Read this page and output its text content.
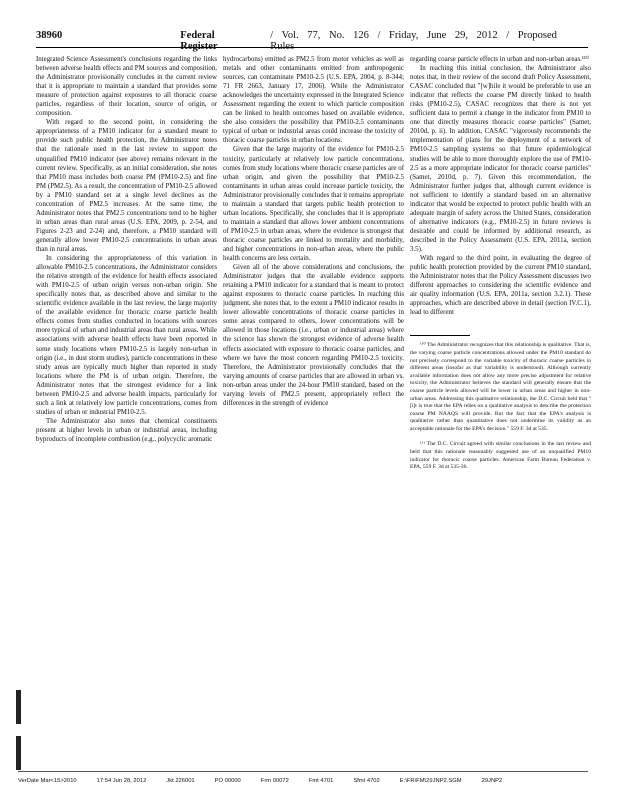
38960	Federal Register
/ Vol. 77, No. 126 / Friday, June 29, 2012 / Proposed Rules

Integrated Science Assessment's conclusions regarding the links between adverse health effects and PM sources and composition, the Administrator provisionally concludes in the current review that it is appropriate to maintain a standard that provides some measure of protection against exposures to all thoracic coarse particles, regardless of their location, source of origin, or composition.

With regard to the second point, in considering the appropriateness of a PM10 indicator for a standard meant to provide such public health protection, the Administrator notes that the rationale used in the last review to support the unqualified PM10 indicator (see above) remains relevant in the current review. Specifically, as an initial consideration, she notes that PM10 mass includes both coarse PM (PM10-2.5) and fine PM (PM2.5). As a result, the concentration of PM10-2.5 allowed by a PM10 standard set at a single level declines as the concentration of PM2.5 increases. At the same time, the Administrator notes that PM2.5 concentrations tend to be higher in urban areas than rural areas (U.S. EPA, 2009, p. 2-54, and Figures 2-23 and 2-24) and, therefore, a PM10 standard will generally allow lower PM10-2.5 concentrations in urban areas than in rural areas.

In considering the appropriateness of this variation in allowable PM10-2.5 concentrations, the Administrator considers the relative strength of the evidence for health effects associated with PM10-2.5 of urban origin versus non-urban origin. She specifically notes that, as described above and similar to the scientific evidence available in the last review, the large majority of the available evidence for thoracic coarse particle health effects comes from studies conducted in locations with sources more typical of urban and industrial areas than rural areas. While associations with adverse health effects have been reported in some study locations where PM10-2.5 is largely non-urban in origin (i.e., in dust storm studies), particle concentrations in these study areas are typically much higher than reported in study locations where the PM is of urban origin. Therefore, the Administrator notes that the strongest evidence for a link between PM10-2.5 and adverse health impacts, particularly for such a link at relatively low particle concentrations, comes from studies of urban or industrial PM10-2.5.

The Administrator also notes that chemical constituents present at higher levels in urban or industrial areas, including byproducts of incomplete combustion (e.g., polycyclic aromatic

hydrocarbons) emitted as PM2.5 from motor vehicles as well as metals and other contaminants emitted from anthropogenic sources, can contaminate PM10-2.5 (U.S. EPA, 2004, p. 8-344; 71 FR 2663, January 17, 2006). While the Administrator acknowledges the uncertainty expressed in the Integrated Science Assessment regarding the extent to which particle composition can be linked to health outcomes based on available evidence, she also considers the possibility that PM10-2.5 contaminants typical of urban or industrial areas could increase the toxicity of thoracic coarse particles in urban locations.

Given that the large majority of the evidence for PM10-2.5 toxicity, particularly at relatively low particle concentrations, comes from study locations where thoracic coarse particles are of urban origin, and given the possibility that PM10-2.5 contaminants in urban areas could increase particle toxicity, the Administrator provisionally concludes that it remains appropriate to maintain a standard that targets public health protection to urban locations. Specifically, she concludes that it is appropriate to maintain a standard that allows lower ambient concentrations of PM10-2.5 in urban areas, where the evidence is strongest that thoracic coarse particles are linked to mortality and morbidity, and higher concentrations in non-urban areas, where the public health concerns are less certain.

Given all of the above considerations and conclusions, the Administrator judges that the available evidence supports retaining a PM10 indicator for a standard that is meant to protect against exposures to thoracic coarse particles. In reaching this judgment, she notes that, to the extent a PM10 indicator results in lower allowable concentrations of thoracic coarse particles in some areas compared to others, lower concentrations will be allowed in those locations (i.e., urban or industrial areas) where the science has shown the strongest evidence of adverse health effects associated with exposure to thoracic coarse particles, and where we have the most concern regarding PM10-2.5 toxicity. Therefore, the Administrator provisionally concludes that the varying amounts of coarse particles that are allowed in urban vs. non-urban areas under the 24-hour PM10 standard, based on the varying levels of PM2.5 present, appropriately reflect the differences in the strength of evidence

regarding coarse particle effects in urban and non-urban areas.¹¹⁰

In reaching this initial conclusion, the Administrator also notes that, in their review of the second draft Policy Assessment, CASAC concluded that "[w]hile it would be preferable to use an indicator that reflects the coarse PM directly linked to health risks (PM10-2.5), CASAC recognizes that there is not yet sufficient data to permit a change in the indicator from PM10 to one that directly measures thoracic coarse particles" (Samet, 2010d, p. ii). In addition, CASAC "vigorously recommends the implementation of plans for the deployment of a network of PM10-2.5 sampling systems so that future epidemiological studies will be able to more thoroughly explore the use of PM10-2.5 as a more appropriate indicator for thoracic coarse particles" (Samet, 2010d, p. 7). Given this recommendation, the Administrator further judges that, although current evidence is not sufficient to identify a standard based on an alternative indicator that would be expected to protect public health with an adequate margin of safety across the United States, consideration of alternative indicators (e.g., PM10-2.5) in future reviews is desirable and could be informed by additional research, as described in the Policy Assessment (U.S. EPA, 2011a, section 3.5).

With regard to the third point, in evaluating the degree of public health protection provided by the current PM10 standard, the Administrator notes that the Policy Assessment discusses two different approaches to considering the scientific evidence and air quality information (U.S. EPA, 2011a, section 3.2.1). These approaches, which are described above in detail (section IV.C.1), lead to different

¹¹⁰ The Administrator recognizes that this relationship is qualitative. That is, the varying coarse particle concentrations allowed under the PM10 standard do not precisely correspond to the variable toxicity of thoracic coarse particles in different areas (insofar as that variability is understood). Although currently available information does not allow any more precise adjustment for relative toxicity, the Administrator believes the standard will generally ensure that the coarse particle levels allowed will be lower in urban areas and higher in non-urban areas. Addressing this qualitative relationship, the D.C. Circuit held that "[i]t is true that the EPA relies on a qualitative analysis to describe the protection coarse PM NAAQS will provide. But the fact that the EPA's analysis is qualitative rather than quantitative does not undermine its validity as an acceptable rationale for the EPA's decision." 559 F. 3d at 535.

¹¹¹ The D.C. Circuit agreed with similar conclusions in the last review and held that this rationale reasonably suggested use of an unqualified PM10 indicator for thoracic coarse particles. American Farm Bureau Federation v. EPA, 559 F. 3d at 535-36.

VerDate Mar<15>2010	17:54 Jun 28, 2012	Jkt 226001	PO 00000	Frm 00072	Fmt 4701	Sfmt 4702	E:\FR\FM\29JNP2.SGM	29JNP2
